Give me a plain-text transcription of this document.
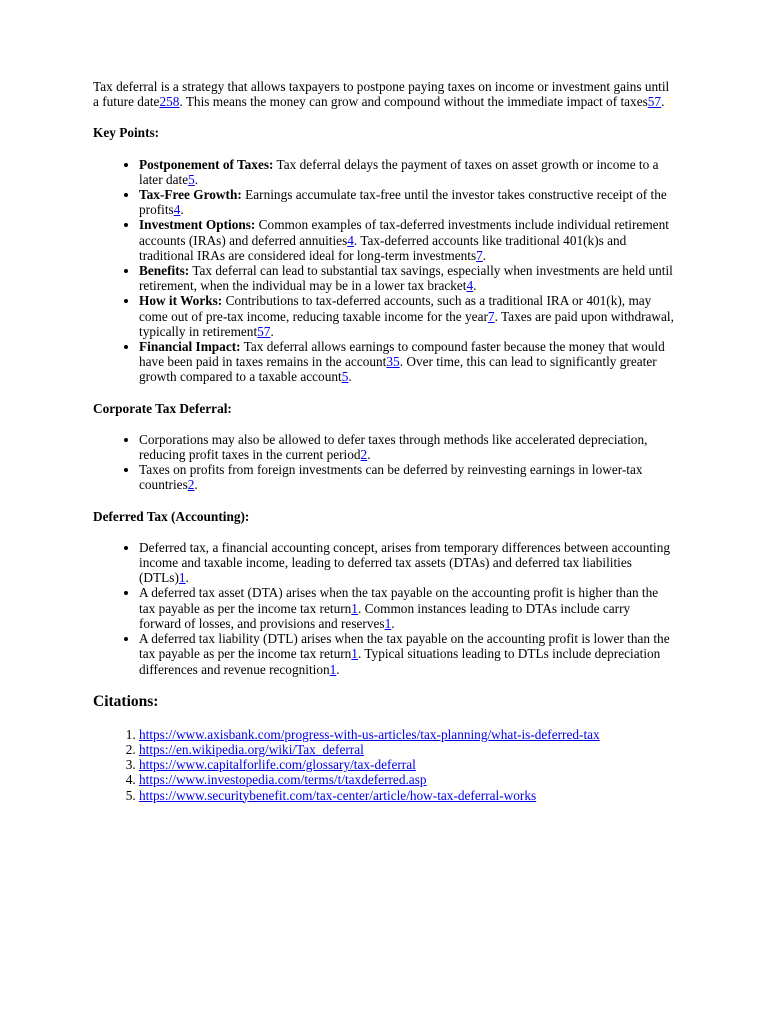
Tax deferral is a strategy that allows taxpayers to postpone paying taxes on income or investment gains until a future date258. This means the money can grow and compound without the immediate impact of taxes57.

Key Points:
• Postponement of Taxes: Tax deferral delays the payment of taxes on asset growth or income to a later date5.
• Tax-Free Growth: Earnings accumulate tax-free until the investor takes constructive receipt of the profits4.
• Investment Options: Common examples of tax-deferred investments include individual retirement accounts (IRAs) and deferred annuities4. Tax-deferred accounts like traditional 401(k)s and traditional IRAs are considered ideal for long-term investments7.
• Benefits: Tax deferral can lead to substantial tax savings, especially when investments are held until retirement, when the individual may be in a lower tax bracket4.
• How it Works: Contributions to tax-deferred accounts, such as a traditional IRA or 401(k), may come out of pre-tax income, reducing taxable income for the year7. Taxes are paid upon withdrawal, typically in retirement57.
• Financial Impact: Tax deferral allows earnings to compound faster because the money that would have been paid in taxes remains in the account35. Over time, this can lead to significantly greater growth compared to a taxable account5.
Corporate Tax Deferral:
• Corporations may also be allowed to defer taxes through methods like accelerated depreciation, reducing profit taxes in the current period2.
• Taxes on profits from foreign investments can be deferred by reinvesting earnings in lower-tax countries2.
Deferred Tax (Accounting):
• Deferred tax, a financial accounting concept, arises from temporary differences between accounting income and taxable income, leading to deferred tax assets (DTAs) and deferred tax liabilities (DTLs)1.
• A deferred tax asset (DTA) arises when the tax payable on the accounting profit is higher than the tax payable as per the income tax return1. Common instances leading to DTAs include carry forward of losses, and provisions and reserves1.
• A deferred tax liability (DTL) arises when the tax payable on the accounting profit is lower than the tax payable as per the income tax return1. Typical situations leading to DTLs include depreciation differences and revenue recognition1.
Citations:
1. https://www.axisbank.com/progress-with-us-articles/tax-planning/what-is-deferred-tax
2. https://en.wikipedia.org/wiki/Tax_deferral
3. https://www.capitalforlife.com/glossary/tax-deferral
4. https://www.investopedia.com/terms/t/taxdeferred.asp
5. https://www.securitybenefit.com/tax-center/article/how-tax-deferral-works
